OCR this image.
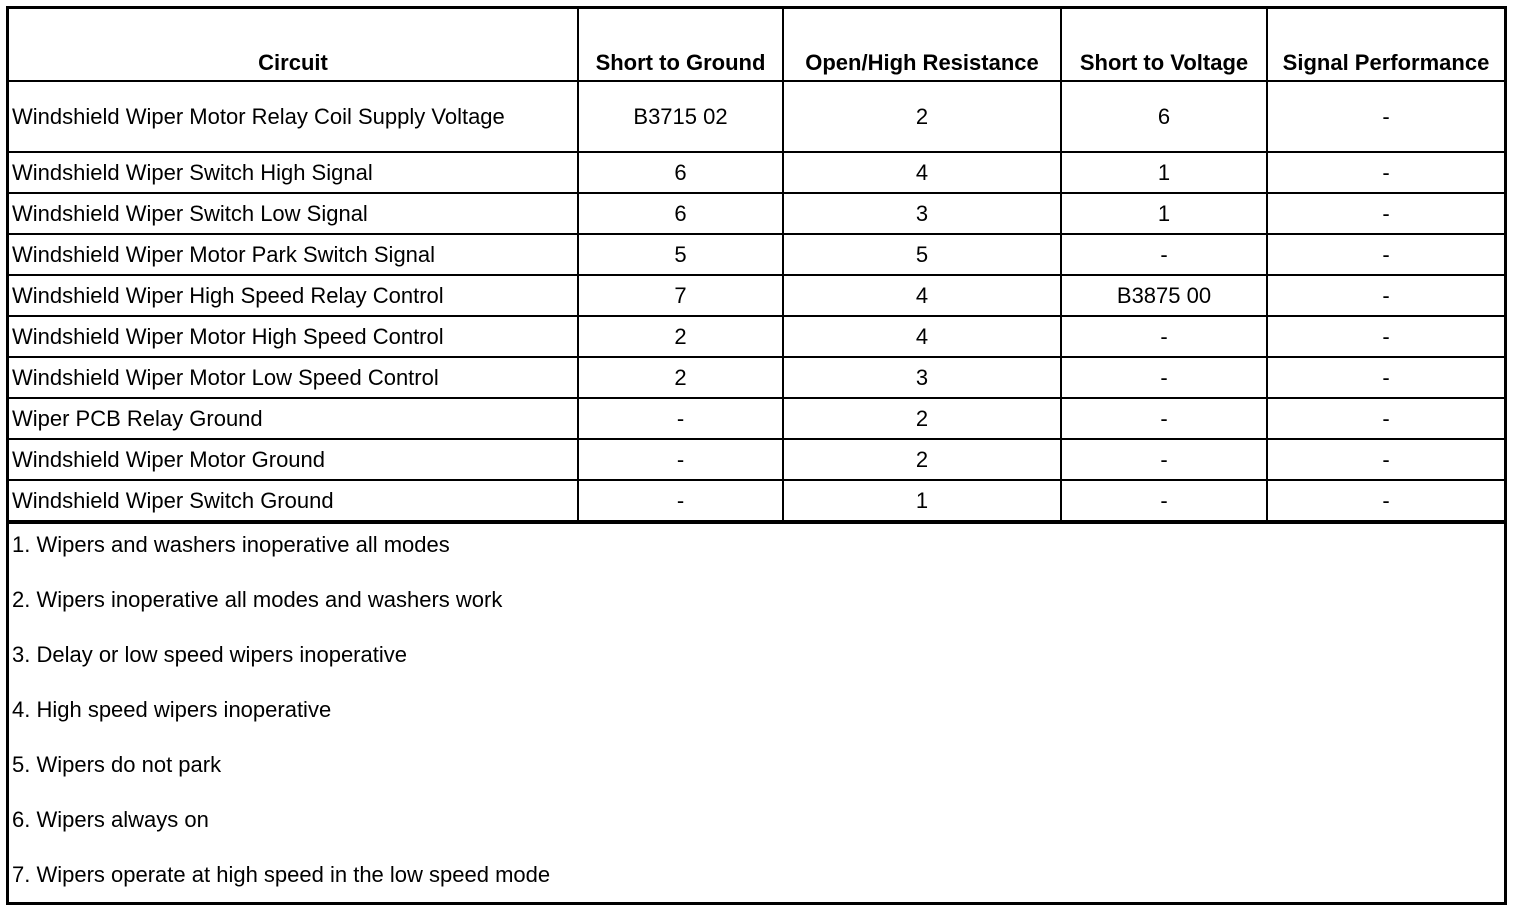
Circuit	Short to Ground	Open/High Resistance	Short to Voltage	Signal Performance
Windshield Wiper Motor Relay Coil Supply Voltage	B3715 02	2	6	-
Windshield Wiper Switch High Signal	6	4	1	-
Windshield Wiper Switch Low Signal	6	3	1	-
Windshield Wiper Motor Park Switch Signal	5	5	-	-
Windshield Wiper High Speed Relay Control	7	4	B3875 00	-
Windshield Wiper Motor High Speed Control	2	4	-	-
Windshield Wiper Motor Low Speed Control	2	3	-	-
Wiper PCB Relay Ground	-	2	-	-
Windshield Wiper Motor Ground	-	2	-	-
Windshield Wiper Switch Ground	-	1	-	-
1. Wipers and washers inoperative all modes
2. Wipers inoperative all modes and washers work
3. Delay or low speed wipers inoperative
4. High speed wipers inoperative
5. Wipers do not park
6. Wipers always on
7. Wipers operate at high speed in the low speed mode
